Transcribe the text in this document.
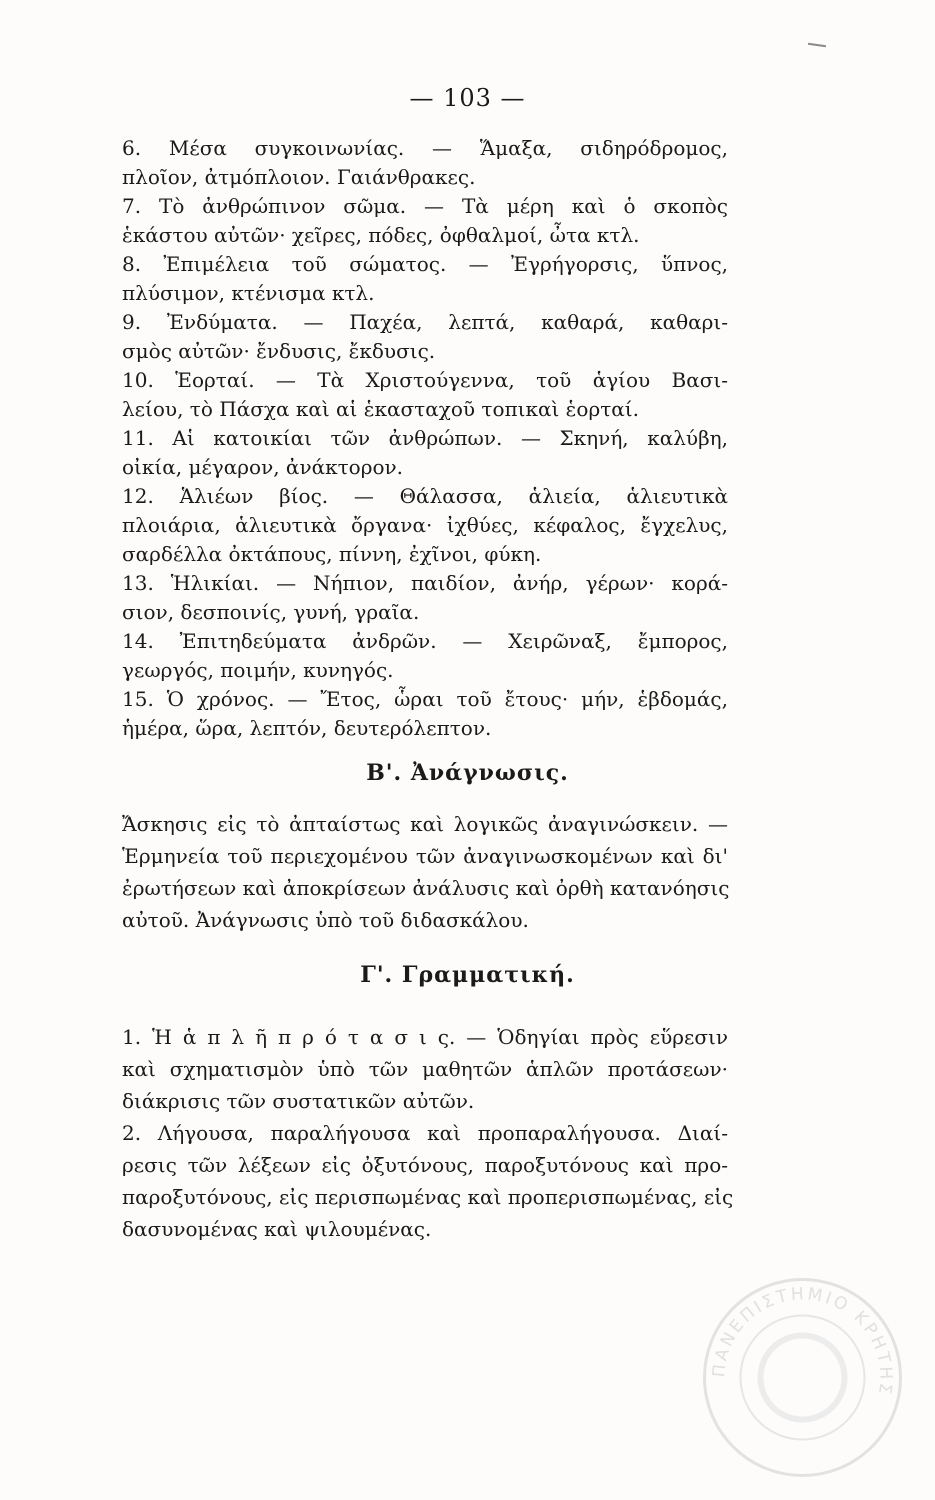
— 103 —
6. Μέσα συγκοινωνίας. — Ἅμαξα, σιδηρόδρομος,
πλοῖον, ἀτμόπλοιον. Γαιάνθρακες.
7. Τὸ ἀνθρώπινον σῶμα. — Τὰ μέρη καὶ ὁ σκοπὸς
ἑκάστου αὐτῶν· χεῖρες, πόδες, ὀφθαλμοί, ὦτα κτλ.
8. Ἐπιμέλεια τοῦ σώματος. — Ἐγρήγορσις, ὕπνος,
πλύσιμον, κτένισμα κτλ.
9. Ἐνδύματα. — Παχέα, λεπτά, καθαρά, καθαρι-
σμὸς αὐτῶν· ἔνδυσις, ἔκδυσις.
10. Ἑορταί. — Τὰ Χριστούγεννα, τοῦ ἁγίου Βασι-
λείου, τὸ Πάσχα καὶ αἱ ἑκασταχοῦ τοπικαὶ ἑορταί.
11. Αἱ κατοικίαι τῶν ἀνθρώπων. — Σκηνή, καλύβη,
οἰκία, μέγαρον, ἀνάκτορον.
12. Ἁλιέων βίος. — Θάλασσα, ἁλιεία, ἁλιευτικὰ
πλοιάρια, ἁλιευτικὰ ὄργανα· ἰχθύες, κέφαλος, ἔγχελυς,
σαρδέλλα ὀκτάπους, πίννη, ἐχῖνοι, φύκη.
13. Ἡλικίαι. — Νήπιον, παιδίον, ἀνήρ, γέρων· κορά-
σιον, δεσποινίς, γυνή, γραῖα.
14. Ἐπιτηδεύματα ἀνδρῶν. — Χειρῶναξ, ἔμπορος,
γεωργός, ποιμήν, κυνηγός.
15. Ὁ χρόνος. — Ἔτος, ὧραι τοῦ ἔτους· μήν, ἑβδομάς,
ἡμέρα, ὥρα, λεπτόν, δευτερόλεπτον.
Β'. Ἀνάγνωσις.
Ἄσκησις εἰς τὸ ἀπταίστως καὶ λογικῶς ἀναγινώσκειν. —
Ἑρμηνεία τοῦ περιεχομένου τῶν ἀναγινωσκομένων καὶ δι'
ἐρωτήσεων καὶ ἀποκρίσεων ἀνάλυσις καὶ ὀρθὴ κατανόησις
αὐτοῦ. Ἀνάγνωσις ὑπὸ τοῦ διδασκάλου.
Γ'. Γραμματική.
1. Ἡ ἁ π λ ῆ π ρ ό τ α σ ι ς. — Ὁδηγίαι πρὸς εὕρεσιν
καὶ σχηματισμὸν ὑπὸ τῶν μαθητῶν ἁπλῶν προτάσεων·
διάκρισις τῶν συστατικῶν αὐτῶν.
2. Λήγουσα, παραλήγουσα καὶ προπαραλήγουσα. Διαί-
ρεσις τῶν λέξεων εἰς ὀξυτόνους, παροξυτόνους καὶ προ-
παροξυτόνους, εἰς περισπωμένας καὶ προπερισπωμένας, εἰς
δασυνομένας καὶ ψιλουμένας.
ΠΑΝΕΠΙΣΤΗΜΙΟ ΚΡΗΤΗΣ
